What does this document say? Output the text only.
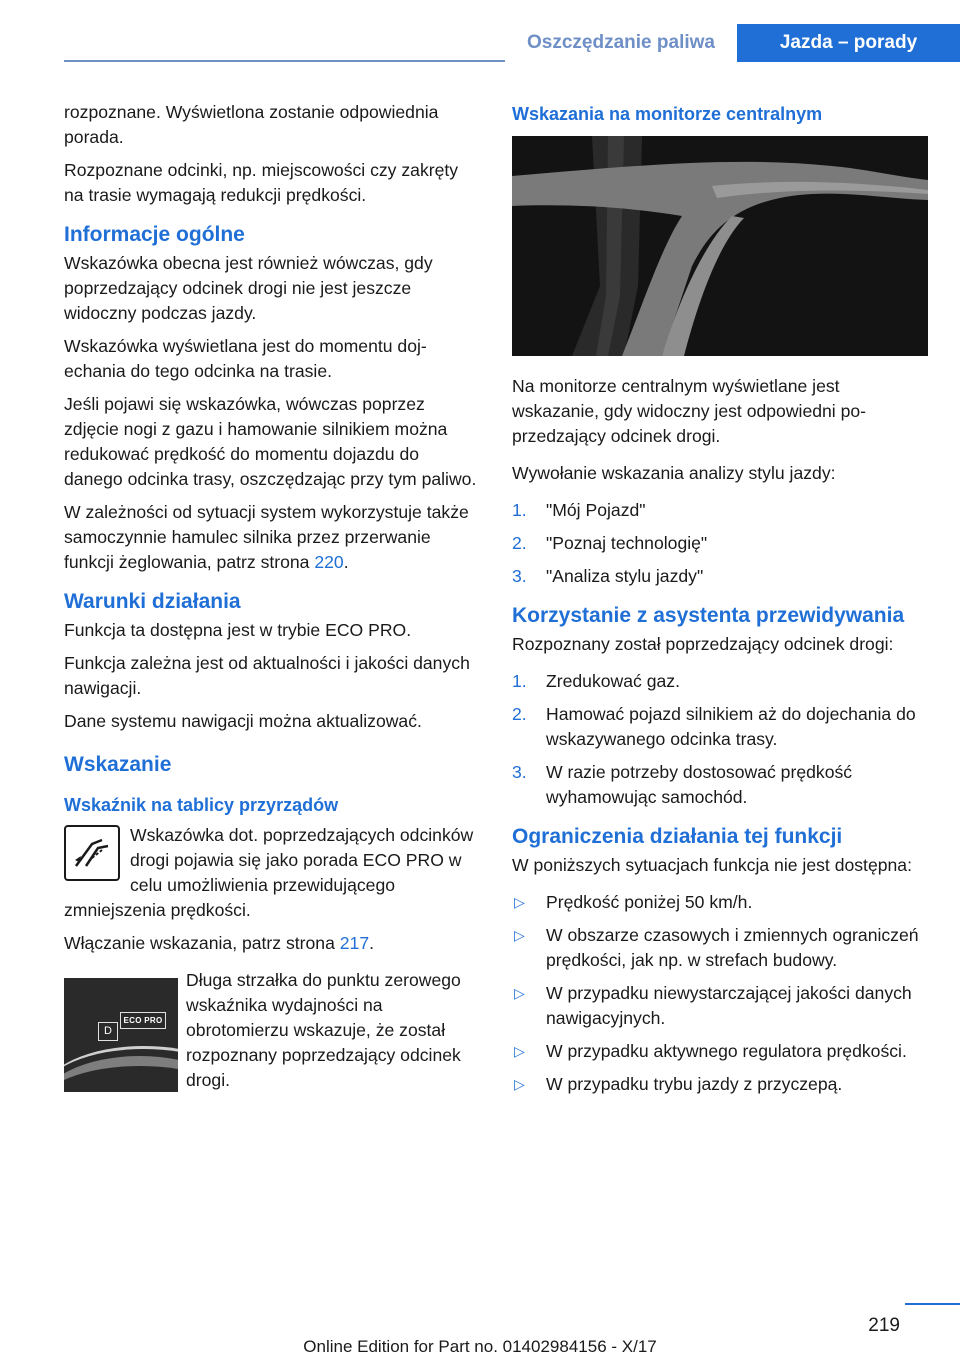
Oszczędzanie paliwa	Jazda – porady

rozpoznane. Wyświetlona zostanie odpowiednia porada.

Rozpoznane odcinki, np. miejscowości czy zakręty na trasie wymagają redukcji prędkości.

Informacje ogólne

Wskazówka obecna jest również wówczas, gdy poprzedzający odcinek drogi nie jest jeszcze widoczny podczas jazdy.

Wskazówka wyświetlana jest do momentu dojechania do tego odcinka na trasie.

Jeśli pojawi się wskazówka, wówczas poprzez zdjęcie nogi z gazu i hamowanie silnikiem można redukować prędkość do momentu dojazdu do danego odcinka trasy, oszczędzając przy tym paliwo.

W zależności od sytuacji system wykorzystuje także samoczynnie hamulec silnika przez przerwanie funkcji żeglowania, patrz strona 220.

Warunki działania

Funkcja ta dostępna jest w trybie ECO PRO.

Funkcja zależna jest od aktualności i jakości danych nawigacji.

Dane systemu nawigacji można aktualizować.

Wskazanie
Wskaźnik na tablicy przyrządów

Wskazówka dot. poprzedzających odcinków drogi pojawia się jako porada ECO PRO w celu umożliwienia przewidującego zmniejszenia prędkości.

Włączanie wskazania, patrz strona 217.

D
ECO PRO

Długa strzałka do punktu zerowego wskaźnika wydajności na obrotomierzu wskazuje, że został rozpoznany poprzedzający odcinek drogi.

Wskazania na monitorze centralnym

Na monitorze centralnym wyświetlane jest wskazanie, gdy widoczny jest odpowiedni poprzedzający odcinek drogi.

Wywołanie wskazania analizy stylu jazdy:

1. "Mój Pojazd"
2. "Poznaj technologię"
3. "Analiza stylu jazdy"
Korzystanie z asystenta przewidywania

Rozpoznany został poprzedzający odcinek drogi:

1. Zredukować gaz.
2. Hamować pojazd silnikiem aż do dojechania do wskazywanego odcinka trasy.
3. W razie potrzeby dostosować prędkość wyhamowując samochód.
Ograniczenia działania tej funkcji

W poniższych sytuacjach funkcja nie jest dostępna:

▷ Prędkość poniżej 50 km/h.
▷ W obszarze czasowych i zmiennych ograniczeń prędkości, jak np. w strefach budowy.
▷ W przypadku niewystarczającej jakości danych nawigacyjnych.
▷ W przypadku aktywnego regulatora prędkości.
▷ W przypadku trybu jazdy z przyczepą.
219
Online Edition for Part no. 01402984156 - X/17
